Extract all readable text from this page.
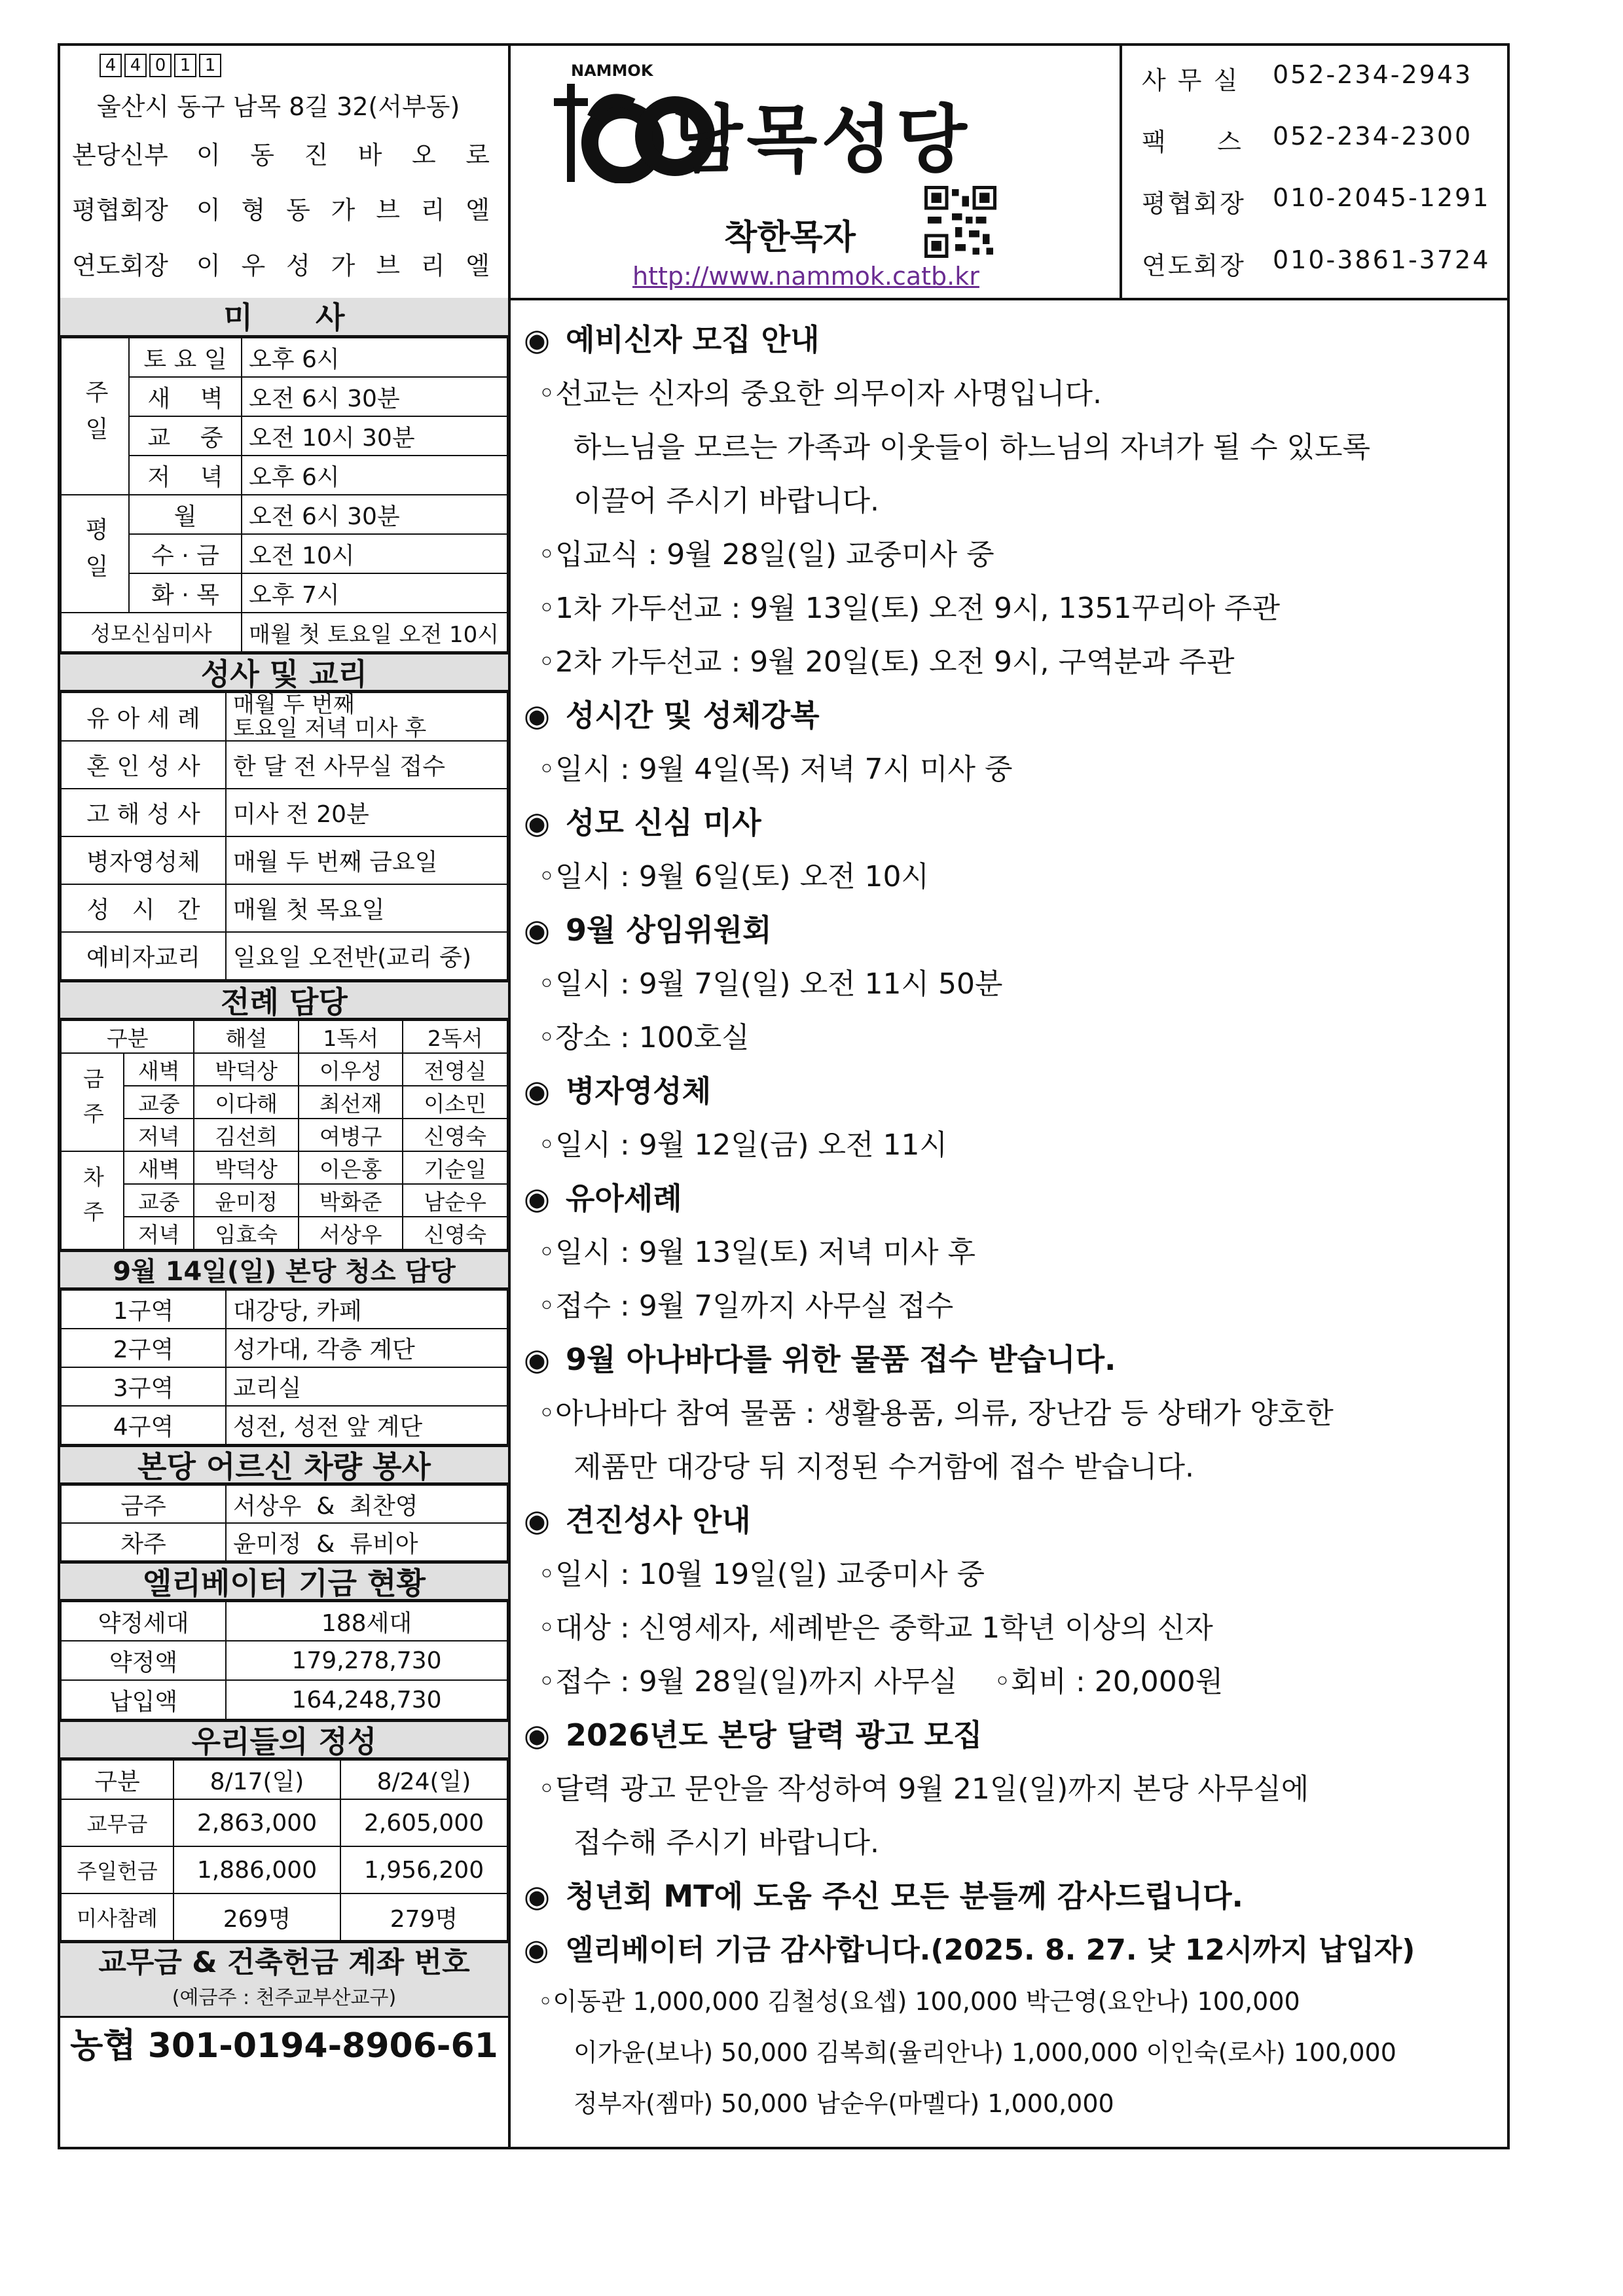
4 4 0 1 1
울산시 동구 남목 8길 32(서부동)
본당신부	이 동 진 바 오 로
평협회장	이 형 동 가 브 리 엘
연도회장	이 우 성 가 브 리 엘
NAMMOK
남목성당
착한목자
http://www.nammok.catb.kr
사 무 실	052-234-2943
팩     스	052-234-2300
평협회장	010-2045-1291
연도회장	010-3861-3724
미      사
주일	토 요 일	오후 6시
	새    벽	오전 6시 30분
	교    중	오전 10시 30분
	저    녁	오후 6시
평일	월	오전 6시 30분
	수 · 금	오전 10시
	화 · 목	오후 7시
성모신심미사		매월 첫 토요일 오전 10시
성사 및 교리
유 아 세 례	매월 두 번째
토요일 저녁 미사 후
혼 인 성 사	한 달 전 사무실 접수
고 해 성 사	미사 전 20분
병자영성체	매월 두 번째 금요일
성   시   간	매월 첫 목요일
예비자교리	일요일 오전반(교리 중)
전례 담당
구분		해설	1독서	2독서
금주	새벽	박덕상	이우성	전영실
	교중	이다해	최선재	이소민
	저녁	김선희	여병구	신영숙
차주	새벽	박덕상	이은홍	기순일
	교중	윤미정	박화준	남순우
	저녁	임효숙	서상우	신영숙
9월 14일(일) 본당 청소 담당
1구역	대강당, 카페
2구역	성가대, 각층 계단
3구역	교리실
4구역	성전, 성전 앞 계단
본당 어르신 차량 봉사
금주	서상우  &  최찬영
차주	윤미정  &  류비아
엘리베이터 기금 현황
약정세대	188세대
약정액	179,278,730
납입액	164,248,730
우리들의 정성
구분	8/17(일)	8/24(일)
교무금	2,863,000	2,605,000
주일헌금	1,886,000	1,956,200
미사참례	269명	279명
교무금 & 건축헌금 계좌 번호
(예금주 : 천주교부산교구)
농협 301-0194-8906-61
◉ 예비신자 모집 안내
◦선교는 신자의 중요한 의무이자 사명입니다.
하느님을 모르는 가족과 이웃들이 하느님의 자녀가 될 수 있도록
이끌어 주시기 바랍니다.
◦입교식 : 9월 28일(일) 교중미사 중
◦1차 가두선교 : 9월 13일(토) 오전 9시, 1351꾸리아 주관
◦2차 가두선교 : 9월 20일(토) 오전 9시, 구역분과 주관
◉ 성시간 및 성체강복
◦일시 : 9월 4일(목) 저녁 7시 미사 중
◉ 성모 신심 미사
◦일시 : 9월 6일(토) 오전 10시
◉ 9월 상임위원회
◦일시 : 9월 7일(일) 오전 11시 50분
◦장소 : 100호실
◉ 병자영성체
◦일시 : 9월 12일(금) 오전 11시
◉ 유아세례
◦일시 : 9월 13일(토) 저녁 미사 후
◦접수 : 9월 7일까지 사무실 접수
◉ 9월 아나바다를 위한 물품 접수 받습니다.
◦아나바다 참여 물품 : 생활용품, 의류, 장난감 등 상태가 양호한
제품만 대강당 뒤 지정된 수거함에 접수 받습니다.
◉ 견진성사 안내
◦일시 : 10월 19일(일) 교중미사 중
◦대상 : 신영세자, 세례받은 중학교 1학년 이상의 신자
◦접수 : 9월 28일(일)까지 사무실    ◦회비 : 20,000원
◉ 2026년도 본당 달력 광고 모집
◦달력 광고 문안을 작성하여 9월 21일(일)까지 본당 사무실에
접수해 주시기 바랍니다.
◉ 청년회 MT에 도움 주신 모든 분들께 감사드립니다.
◉ 엘리베이터 기금 감사합니다.(2025. 8. 27. 낮 12시까지 납입자)
◦이동관 1,000,000 김철성(요셉) 100,000 박근영(요안나) 100,000
이가윤(보나) 50,000 김복희(율리안나) 1,000,000 이인숙(로사) 100,000
정부자(젬마) 50,000 남순우(마멜다) 1,000,000
